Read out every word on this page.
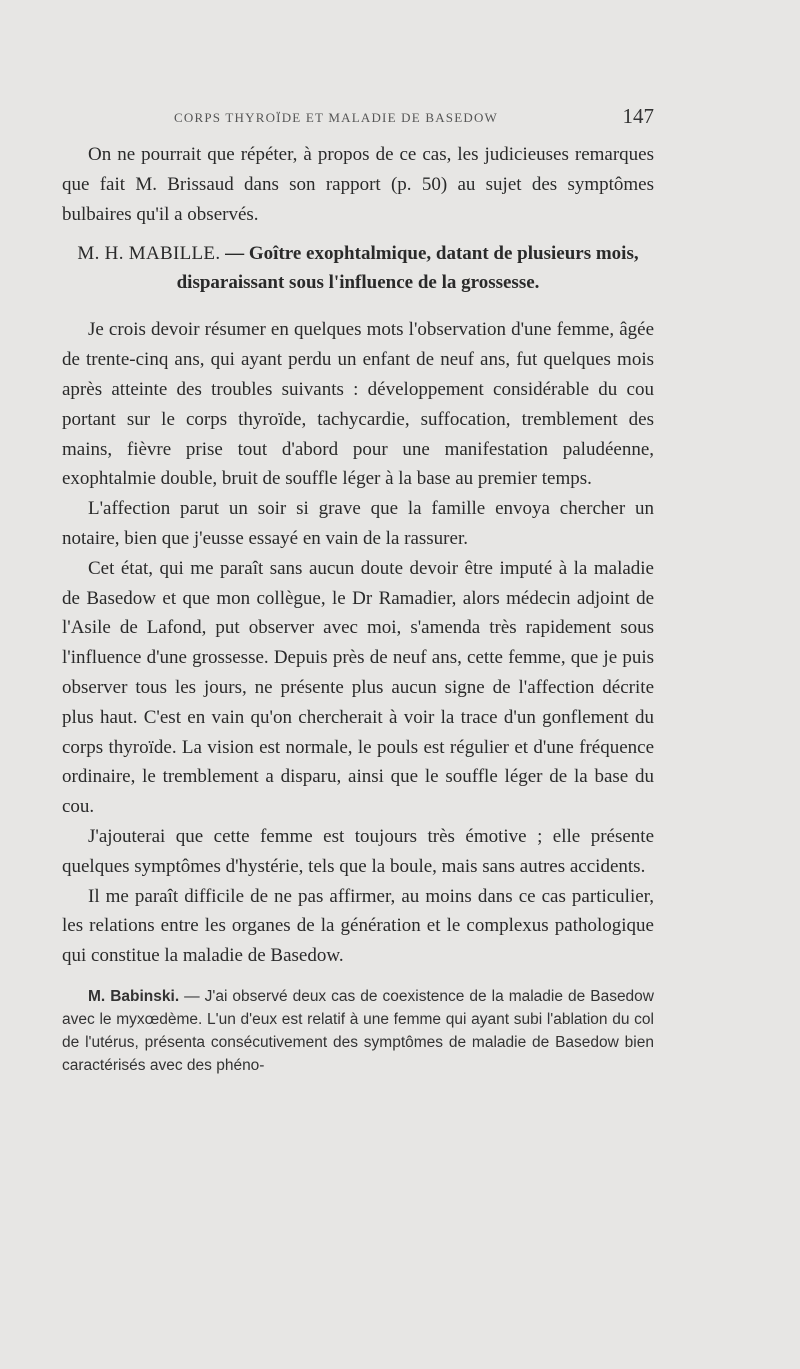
CORPS THYROÏDE ET MALADIE DE BASEDOW	147

On ne pourrait que répéter, à propos de ce cas, les judicieuses remarques que fait M. Brissaud dans son rapport (p. 50) au sujet des symptômes bulbaires qu'il a observés.

M. H. MABILLE. — Goître exophtalmique, datant de plusieurs mois, disparaissant sous l'influence de la grossesse.

Je crois devoir résumer en quelques mots l'observation d'une femme, âgée de trente-cinq ans, qui ayant perdu un enfant de neuf ans, fut quelques mois après atteinte des troubles suivants : développement considérable du cou portant sur le corps thyroïde, tachycardie, suffocation, tremblement des mains, fièvre prise tout d'abord pour une manifestation paludéenne, exophtalmie double, bruit de souffle léger à la base au premier temps.

L'affection parut un soir si grave que la famille envoya chercher un notaire, bien que j'eusse essayé en vain de la rassurer.

Cet état, qui me paraît sans aucun doute devoir être imputé à la maladie de Basedow et que mon collègue, le Dr Ramadier, alors médecin adjoint de l'Asile de Lafond, put observer avec moi, s'amenda très rapidement sous l'influence d'une grossesse. Depuis près de neuf ans, cette femme, que je puis observer tous les jours, ne présente plus aucun signe de l'affection décrite plus haut. C'est en vain qu'on chercherait à voir la trace d'un gonflement du corps thyroïde. La vision est normale, le pouls est régulier et d'une fréquence ordinaire, le tremblement a disparu, ainsi que le souffle léger de la base du cou.

J'ajouterai que cette femme est toujours très émotive ; elle présente quelques symptômes d'hystérie, tels que la boule, mais sans autres accidents.

Il me paraît difficile de ne pas affirmer, au moins dans ce cas particulier, les relations entre les organes de la génération et le complexus pathologique qui constitue la maladie de Basedow.

M. Babinski. — J'ai observé deux cas de coexistence de la maladie de Basedow avec le myxœdème. L'un d'eux est relatif à une femme qui ayant subi l'ablation du col de l'utérus, présenta consécutivement des symptômes de maladie de Basedow bien caractérisés avec des phéno-
